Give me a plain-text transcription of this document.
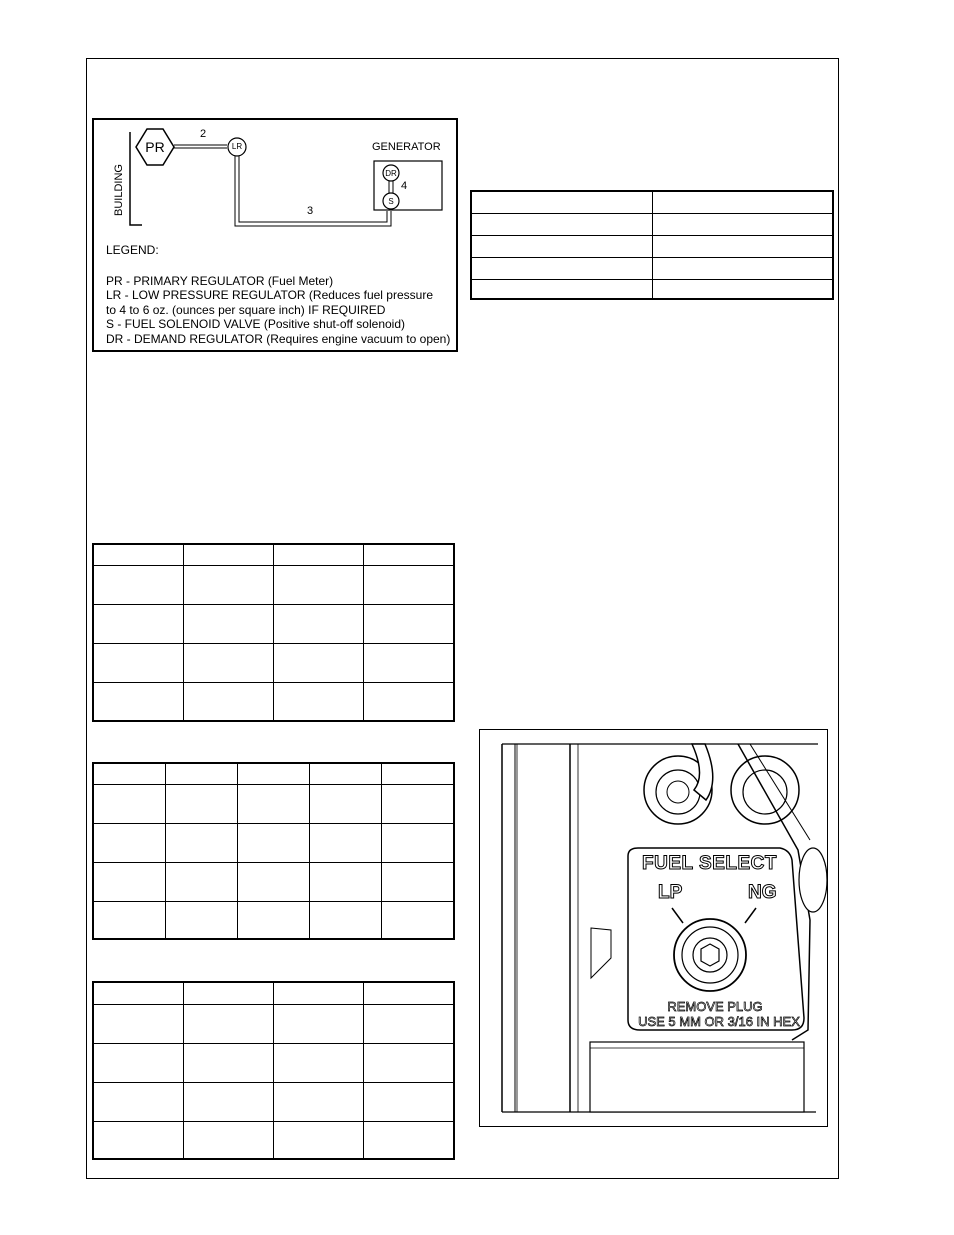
PR	LR
DR
S
BUILDING
GENERATOR
2
3
4
LEGEND:
PR - PRIMARY REGULATOR (Fuel Meter)
LR - LOW PRESSURE REGULATOR (Reduces fuel pressure
to 4 to 6 oz. (ounces per square inch) IF REQUIRED
S - FUEL SOLENOID VALVE (Positive shut-off solenoid)
DR - DEMAND REGULATOR (Requires engine vacuum to open)

FUEL SELECT
LP	NG
REMOVE PLUG
USE 5 MM OR 3/16 IN HEX
